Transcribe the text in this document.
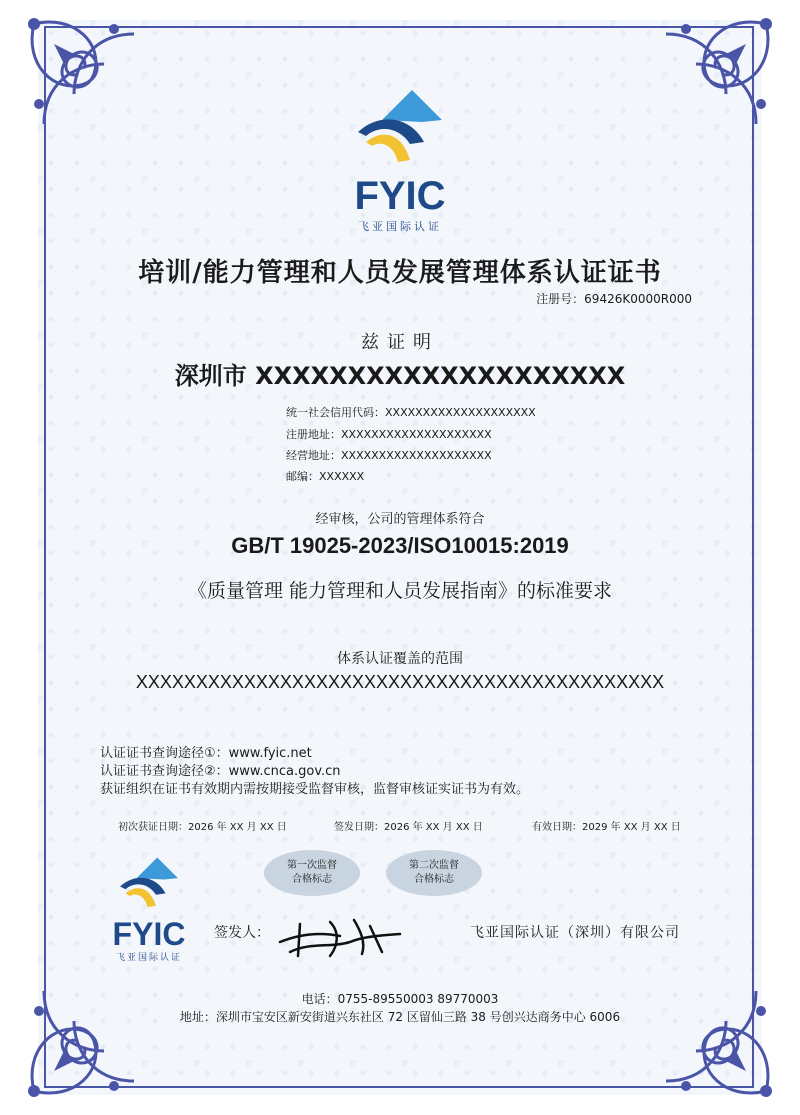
FYIC
飞亚国际认证
培训/能力管理和人员发展管理体系认证证书
注册号：69426K0000R000
兹证明
深圳市 XXXXXXXXXXXXXXXXXXXX
统一社会信用代码：XXXXXXXXXXXXXXXXXXXX
注册地址：XXXXXXXXXXXXXXXXXXXX
经营地址：XXXXXXXXXXXXXXXXXXXX
邮编：XXXXXX
经审核，公司的管理体系符合
GB/T 19025-2023/ISO10015:2019
《质量管理 能力管理和人员发展指南》的标准要求
体系认证覆盖的范围
XXXXXXXXXXXXXXXXXXXXXXXXXXXXXXXXXXXXXXXXXXXX
认证证书查询途径①：www.fyic.net
认证证书查询途径②：www.cnca.gov.cn
获证组织在证书有效期内需按期接受监督审核，监督审核证实证书为有效。
初次获证日期：2026 年 XX 月 XX 日	签发日期：2026 年 XX 月 XX 日	有效日期：2029 年 XX 月 XX 日
第一次监督
合格标志
第二次监督
合格标志
FYIC
飞亚国际认证
签发人：	飞亚国际认证（深圳）有限公司
电话：0755-89550003 89770003
地址：深圳市宝安区新安街道兴东社区 72 区留仙三路 38 号创兴达商务中心 6006
